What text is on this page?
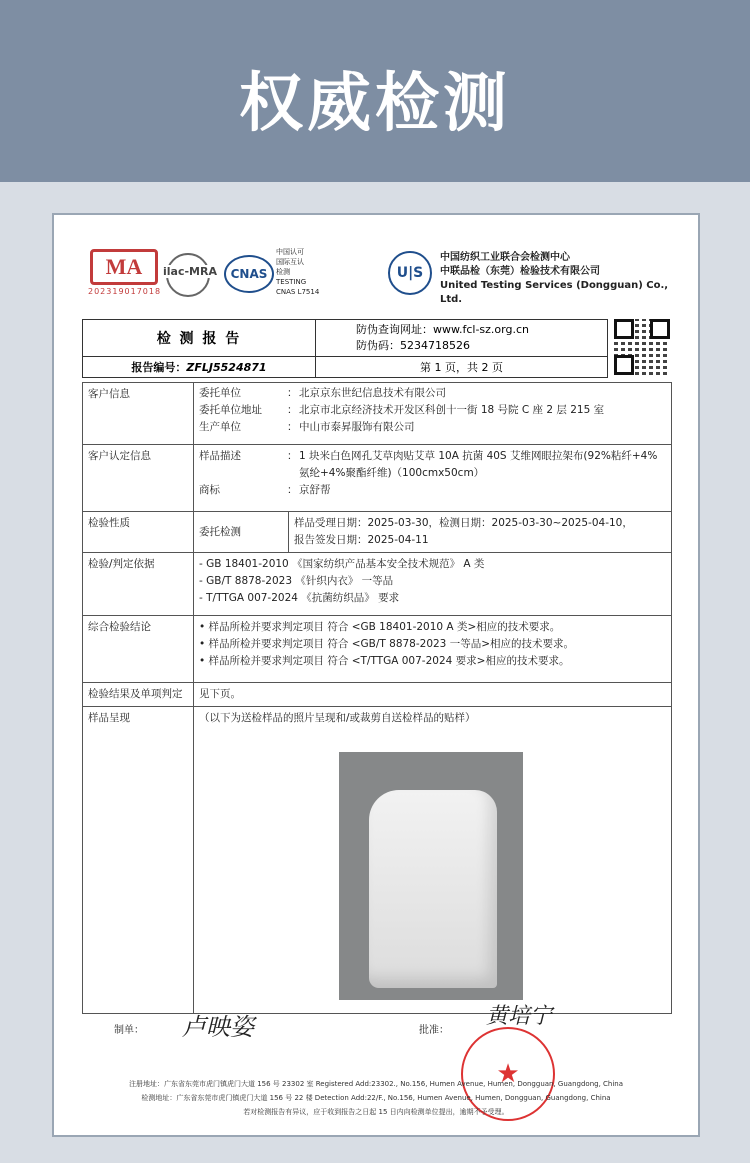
权威检测
MA
202319017018
ilac-MRA	CNAS
中国认可
国际互认
检测
TESTING
CNAS L7514
U|S
中国纺织工业联合会检测中心
中联品检（东莞）检验技术有限公司
United Testing Services (Dongguan) Co., Ltd.
检 测 报 告	防伪查询网址：www.fcl-sz.org.cn
防伪码：5234718526

报告编号：ZFLJ5524871	第 1 页，共 2 页
客户信息	委托单位 ： 北京京东世纪信息技术有限公司
委托单位地址 ： 北京市北京经济技术开发区科创十一街 18 号院 C 座 2 层 215 室
生产单位 ： 中山市泰昇服饰有限公司

客户认定信息	样品描述 ： 1 块米白色网孔艾草肉贴艾草 10A 抗菌 40S 艾维网眼拉架布(92%粘纤+4%氨纶+4%聚酯纤维)（100cmx50cm）
商标 ： 京舒帮

检验性质	委托检测
样品受理日期：2025-03-30，检测日期：2025-03-30~2025-04-10，
报告签发日期：2025-04-11

检验/判定依据	- GB 18401-2010 《国家纺织产品基本安全技术规范》 A 类
- GB/T 8878-2023 《针织内衣》 一等品
- T/TTGA 007-2024 《抗菌纺织品》 要求

综合检验结论	• 样品所检并要求判定项目 符合 <GB 18401-2010 A 类>相应的技术要求。
• 样品所检并要求判定项目 符合 <GB/T 8878-2023 一等品>相应的技术要求。
• 样品所检并要求判定项目 符合 <T/TTGA 007-2024 要求>相应的技术要求。

检验结果及单项判定	见下页。
样品呈现	（以下为送检样品的照片呈现和/或裁剪自送检样品的贴样）
制单： 卢映姿	批准：
★
黄培宁
注册地址：广东省东莞市虎门镇虎门大道 156 号 23302 室 Registered Add:23302., No.156, Humen Avenue, Humen, Dongguan, Guangdong, China
检测地址：广东省东莞市虎门镇虎门大道 156 号 22 楼 Detection Add:22/F., No.156, Humen Avenue, Humen, Dongguan, Guangdong, China
若对检测报告有异议，应于收到报告之日起 15 日内向检测单位提出，逾期不予受理。
